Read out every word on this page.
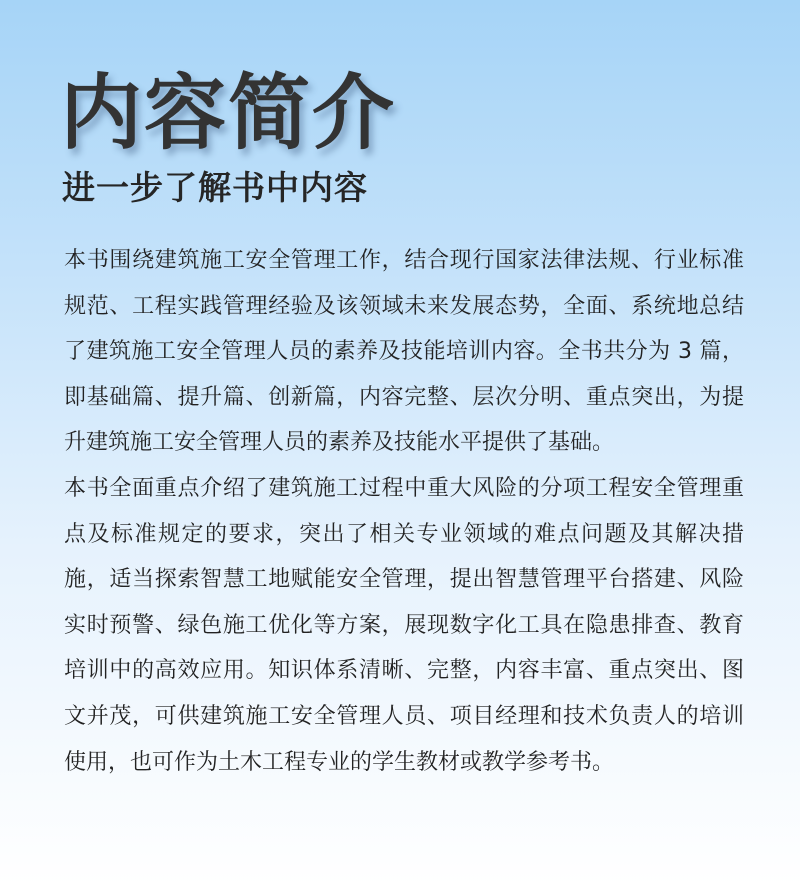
内容简介
进一步了解书中内容

本书围绕建筑施工安全管理工作，结合现行国家法律法规、行业标准规范、工程实践管理经验及该领域未来发展态势，全面、系统地总结了建筑施工安全管理人员的素养及技能培训内容。全书共分为 3 篇，即基础篇、提升篇、创新篇，内容完整、层次分明、重点突出，为提升建筑施工安全管理人员的素养及技能水平提供了基础。

本书全面重点介绍了建筑施工过程中重大风险的分项工程安全管理重点及标准规定的要求，突出了相关专业领域的难点问题及其解决措施，适当探索智慧工地赋能安全管理，提出智慧管理平台搭建、风险实时预警、绿色施工优化等方案，展现数字化工具在隐患排查、教育培训中的高效应用。知识体系清晰、完整，内容丰富、重点突出、图文并茂，可供建筑施工安全管理人员、项目经理和技术负责人的培训使用，也可作为土木工程专业的学生教材或教学参考书。
